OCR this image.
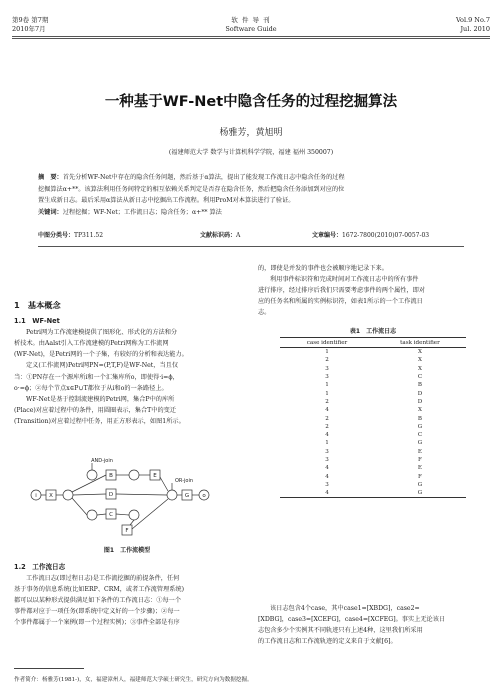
第9卷 第7期
2010年7月
软 件 导 刊
Software Guide
Vol.9 No.7
Jul. 2010
一种基于WF-Net中隐含任务的过程挖掘算法
杨雅芳，黄旭明
(福建师范大学 数学与计算机科学学院，福建 福州 350007)
摘　要：首先分析WF-Net中存在的隐含任务问题，然后基于α算法，提出了能发现工作流日志中隐含任务的过程
挖掘算法α+**。该算法利用任务间特定的相互依赖关系判定是否存在隐含任务，然后把隐含任务添加到对应的位
置生成新日志。最后采用α算法从新日志中挖掘出工作流程。利用ProM对本算法进行了验证。
关键词：过程挖掘；WF-Net；工作流日志；隐含任务；α+** 算法
中图分类号：TP311.52	文献标识码：A	文章编号：1672-7800(2010)07-0057-03
1　基本概念
1.1　WF-Net

Petri网为工作流建模提供了图形化、形式化的方法和分

析技术。由Aalst引入工作流建模的Petri网称为工作流网
(WF-Net)，是Petri网的一个子集，有较好的分析和表达能力。

定义(工作流网)Petri网PN=(P,T,F)是WF-Net，当且仅

当：①PN存在一个源库所i和一个汇集库所o，即使得·i=ϕ，
o·=ϕ；②每个节点x∈P∪T都位于从i和o的一条路径上。

WF-Net是基于控制流建模的Petri网，集合P中的库所

(Place)对应着过程中的条件，用圆圈表示，集合T中的变迁
(Transition)对应着过程中任务，用正方形表示，如图1所示。
i X
B
D
C
E
F
G o
AND-join
OR-join
图1　工作流模型
1.2　工作流日志

工作流日志(即过程日志)是工作流挖掘的前提条件，任何

基于事务的信息系统(比如ERP、CRM，或者工作流管理系统)
都可以以某种形式提供满足如下条件的工作流日志：①每一个
事件都对应于一项任务(即系统中定义好的一个步骤)；②每一
个事件都属于一个案例(即一个过程实例)；③事件全部是有序
的，即使是并发的事件也会被顺序地记录下来。

利用事件标识符和完成时间对工作流日志中的所有事件

进行排序，经过排序后我们只需要考虑事件的两个属性，即对
应的任务名和所属的实例标识符，如表1所示的一个工作流日
志。
表1　工作流日志
case identifier	task identifier
1	X
2	X
3	X
3	C
1	B
1	D
2	D
4	X
2	B
2	G
4	C
1	G
3	E
3	F
4	E
4	F
3	G
4	G

该日志包含4个case，其中case1=[XBDG]，case2=

[XDBG]，case3=[XCEFG]，case4=[XCFEG]。事实上无论该日
志包含多少个实例其不同轨迹只有上述4种，这里我们所采用
的工作流日志和工作流轨迹的定义来自于文献[6]。
作者简介：杨雅芳(1981-)，女，福建漳州人，福建师范大学硕士研究生，研究方向为数据挖掘。
